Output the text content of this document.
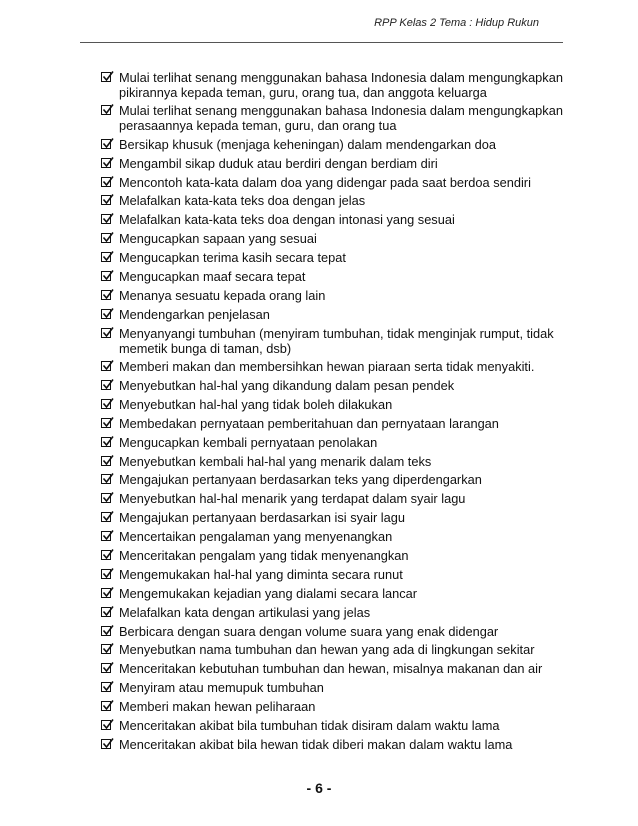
RPP Kelas 2 Tema : Hidup Rukun
Mulai terlihat senang menggunakan bahasa Indonesia dalam mengungkapkan pikirannya kepada teman, guru, orang tua, dan anggota keluarga
Mulai terlihat senang menggunakan bahasa Indonesia dalam mengungkapkan perasaannya kepada teman, guru, dan orang tua
Bersikap khusuk (menjaga keheningan) dalam mendengarkan doa
Mengambil sikap duduk atau berdiri dengan berdiam diri
Mencontoh kata-kata dalam doa yang didengar pada saat berdoa sendiri
Melafalkan kata-kata teks doa dengan jelas
Melafalkan kata-kata teks doa dengan intonasi yang sesuai
Mengucapkan sapaan yang sesuai
Mengucapkan terima kasih secara tepat
Mengucapkan maaf secara tepat
Menanya sesuatu kepada orang lain
Mendengarkan penjelasan
Menyanyangi tumbuhan (menyiram tumbuhan, tidak menginjak rumput, tidak memetik bunga di taman, dsb)
Memberi makan dan membersihkan hewan piaraan serta tidak menyakiti.
Menyebutkan hal-hal yang dikandung dalam pesan pendek
Menyebutkan hal-hal yang tidak boleh dilakukan
Membedakan pernyataan pemberitahuan dan pernyataan larangan
Mengucapkan kembali pernyataan penolakan
Menyebutkan kembali hal-hal yang menarik dalam teks
Mengajukan pertanyaan berdasarkan teks yang diperdengarkan
Menyebutkan hal-hal menarik yang terdapat dalam syair lagu
Mengajukan pertanyaan berdasarkan isi syair lagu
Mencertaikan pengalaman yang menyenangkan
Menceritakan pengalam yang tidak menyenangkan
Mengemukakan hal-hal yang diminta secara runut
Mengemukakan kejadian yang dialami secara lancar
Melafalkan kata dengan artikulasi yang jelas
Berbicara dengan suara dengan volume suara yang enak didengar
Menyebutkan nama tumbuhan dan hewan yang ada di lingkungan sekitar
Menceritakan kebutuhan tumbuhan dan hewan, misalnya makanan dan air
Menyiram atau memupuk tumbuhan
Memberi makan hewan peliharaan
Menceritakan akibat bila tumbuhan tidak disiram dalam waktu lama
Menceritakan akibat bila hewan tidak diberi makan dalam waktu lama
- 6 -
